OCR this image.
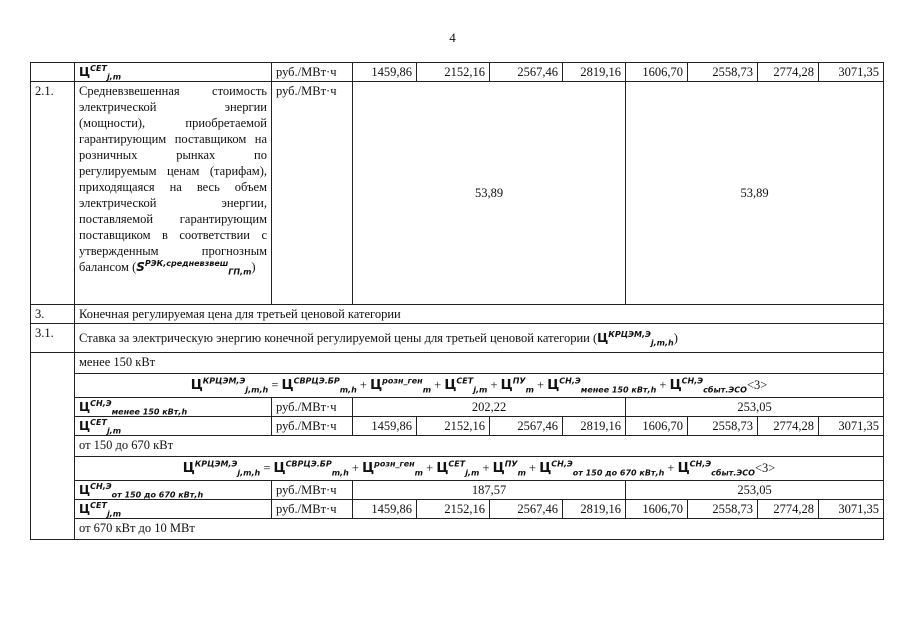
4
	$Ц^{СЕТ}_{j,m}$	руб./МВт·ч	1459,86	2152,16	2567,46	2819,16	1606,70	2558,73	2774,28	3071,35
2.1.	Средневзвешенная стоимость электрической энергии (мощности), приобретаемой гарантирующим поставщиком на розничных рынках по регулируемым ценам (тарифам), приходящаяся на весь объем электрической энергии, поставляемой гарантирующим поставщиком в соответствии с утвержденным прогнозным балансом $(S^{РЭК,средневзвеш}_{ГП,m})$	руб./МВт·ч	53,89				53,89			
3.	Конечная регулируемая цена для третьей ценовой категории									
3.1.	Ставка за электрическую энергию конечной регулируемой цены для третьей ценовой категории $(Ц^{КРЦЭМ,Э}_{j,m,h})$									
	менее 150 кВт									
	$Ц^{КРЦЭМ,Э}_{j,m,h} = Ц^{СВРЦЭ.БР}_{m,h} + Ц^{розн\_ген}_m + Ц^{СЕТ}_{j,m} + Ц^{ПУ}_m + Ц^{СН,Э}_{менее 150 кВт,h} + Ц^{СН,Э}_{сбыт.ЭСО}<3>$									
	$Ц^{СН,Э}_{менее 150 кВт,h}$	руб./МВт·ч	202,22				253,05			
	$Ц^{СЕТ}_{j,m}$	руб./МВт·ч	1459,86	2152,16	2567,46	2819,16	1606,70	2558,73	2774,28	3071,35
	от 150 до 670 кВт									
	$Ц^{КРЦЭМ,Э}_{j,m,h} = Ц^{СВРЦЭ.БР}_{m,h} + Ц^{розн\_ген}_m + Ц^{СЕТ}_{j,m} + Ц^{ПУ}_m + Ц^{СН,Э}_{от 150 до 670 кВт,h} + Ц^{СН,Э}_{сбыт.ЭСО}<3>$									
	$Ц^{СН,Э}_{от 150 до 670 кВт,h}$	руб./МВт·ч	187,57				253,05			
	$Ц^{СЕТ}_{j,m}$	руб./МВт·ч	1459,86	2152,16	2567,46	2819,16	1606,70	2558,73	2774,28	3071,35
	от 670 кВт до 10 МВт									
